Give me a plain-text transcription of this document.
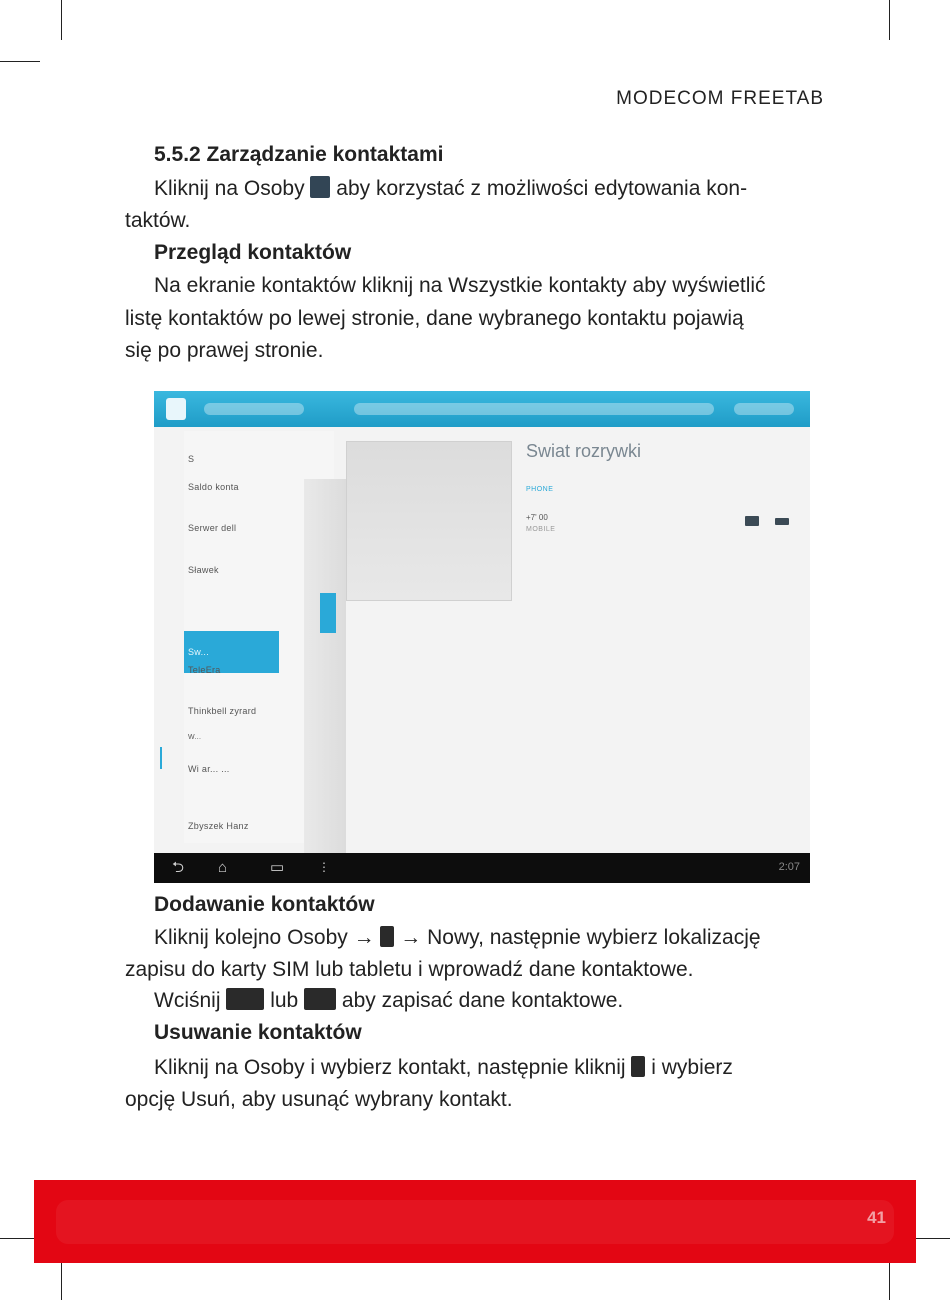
MODECOM FREETAB
5.5.2 Zarządzanie kontaktami
Kliknij na Osoby aby korzystać z możliwości edytowania kon-
taktów.
Przegląd kontaktów
Na ekranie kontaktów kliknij na Wszystkie kontakty aby wyświetlić
listę kontaktów po lewej stronie, dane wybranego kontaktu pojawią
się po prawej stronie.
S
Saldo konta
Serwer dell
Sławek
Sw...
TeleEra
Thinkbell zyrard
W...
Wi ar... ...
Zbyszek Hanz
Swiat rozrywki
PHONE
+7' 00
MOBILE
⮌ ⌂	▭	⋮	2:07
Dodawanie kontaktów
Kliknij kolejno Osoby → → Nowy, następnie wybierz lokalizację
zapisu do karty SIM lub tabletu i wprowadź dane kontaktowe.
Wciśnij lub aby zapisać dane kontaktowe.
Usuwanie kontaktów
Kliknij na Osoby i wybierz kontakt, następnie kliknij i wybierz
opcję Usuń, aby usunąć wybrany kontakt.
41
